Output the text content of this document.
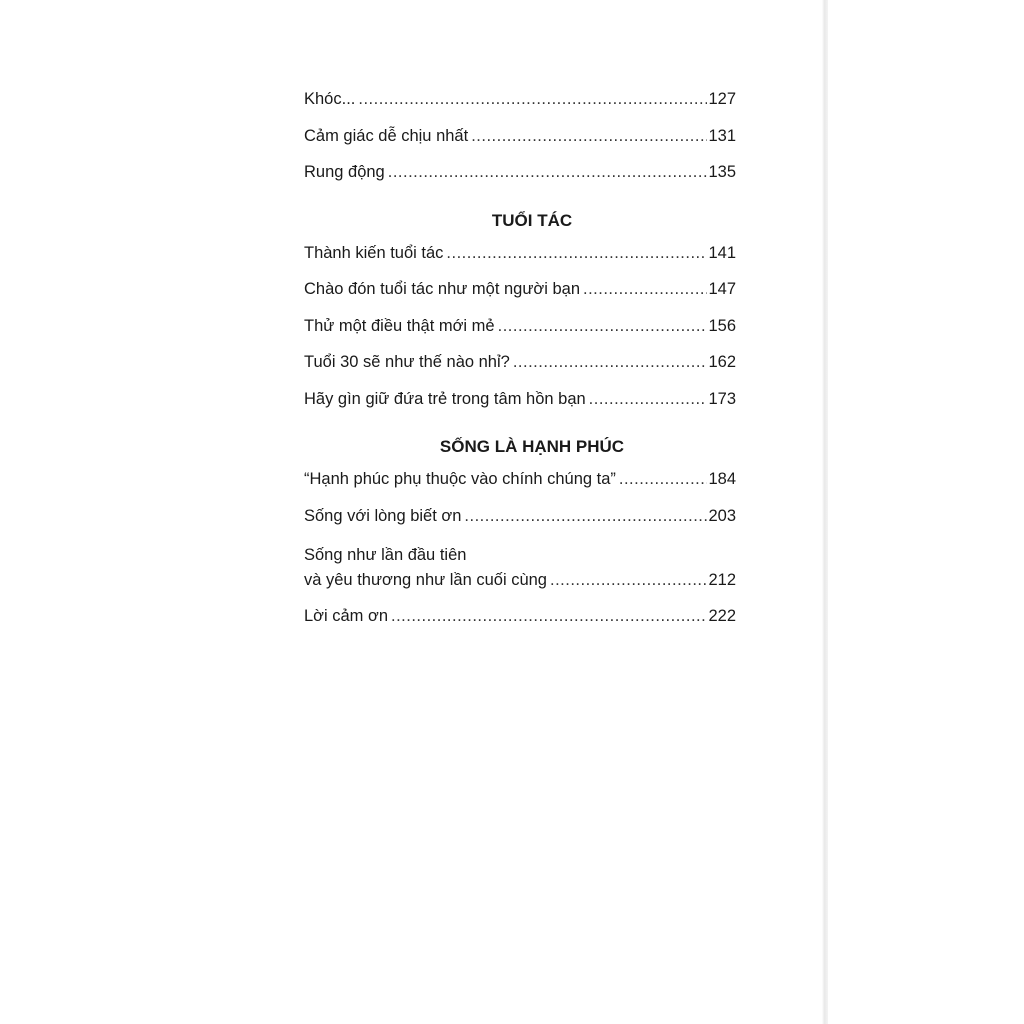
Khóc... .....	127
Cảm giác dễ chịu nhất .....	131
Rung động .....	135
TUỔI TÁC
Thành kiến tuổi tác .....	141
Chào đón tuổi tác như một người bạn .....	147
Thử một điều thật mới mẻ .....	156
Tuổi 30 sẽ như thế nào nhỉ? .....	162
Hãy gìn giữ đứa trẻ trong tâm hồn bạn .....	173
SỐNG LÀ HẠNH PHÚC
“Hạnh phúc phụ thuộc vào chính chúng ta” .....	184
Sống với lòng biết ơn .....	203
Sống như lần đầu tiên
và yêu thương như lần cuối cùng .....	212
Lời cảm ơn .....	222
